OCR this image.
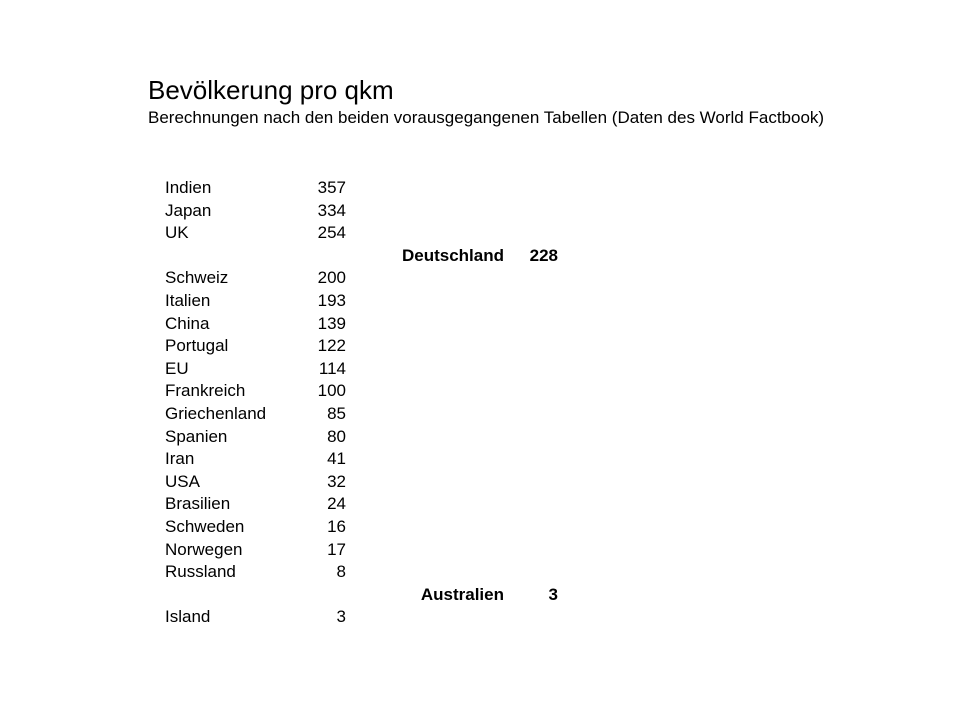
Bevölkerung pro qkm
Berechnungen nach den beiden vorausgegangenen Tabellen (Daten des World Factbook)
Indien	357
Japan	334
UK	254
Deutschland	228
Schweiz	200
Italien	193
China	139
Portugal	122
EU	114
Frankreich	100
Griechenland	85
Spanien	80
Iran	41
USA	32
Brasilien	24
Schweden	16
Norwegen	17
Russland	8
Australien	3
Island	3
